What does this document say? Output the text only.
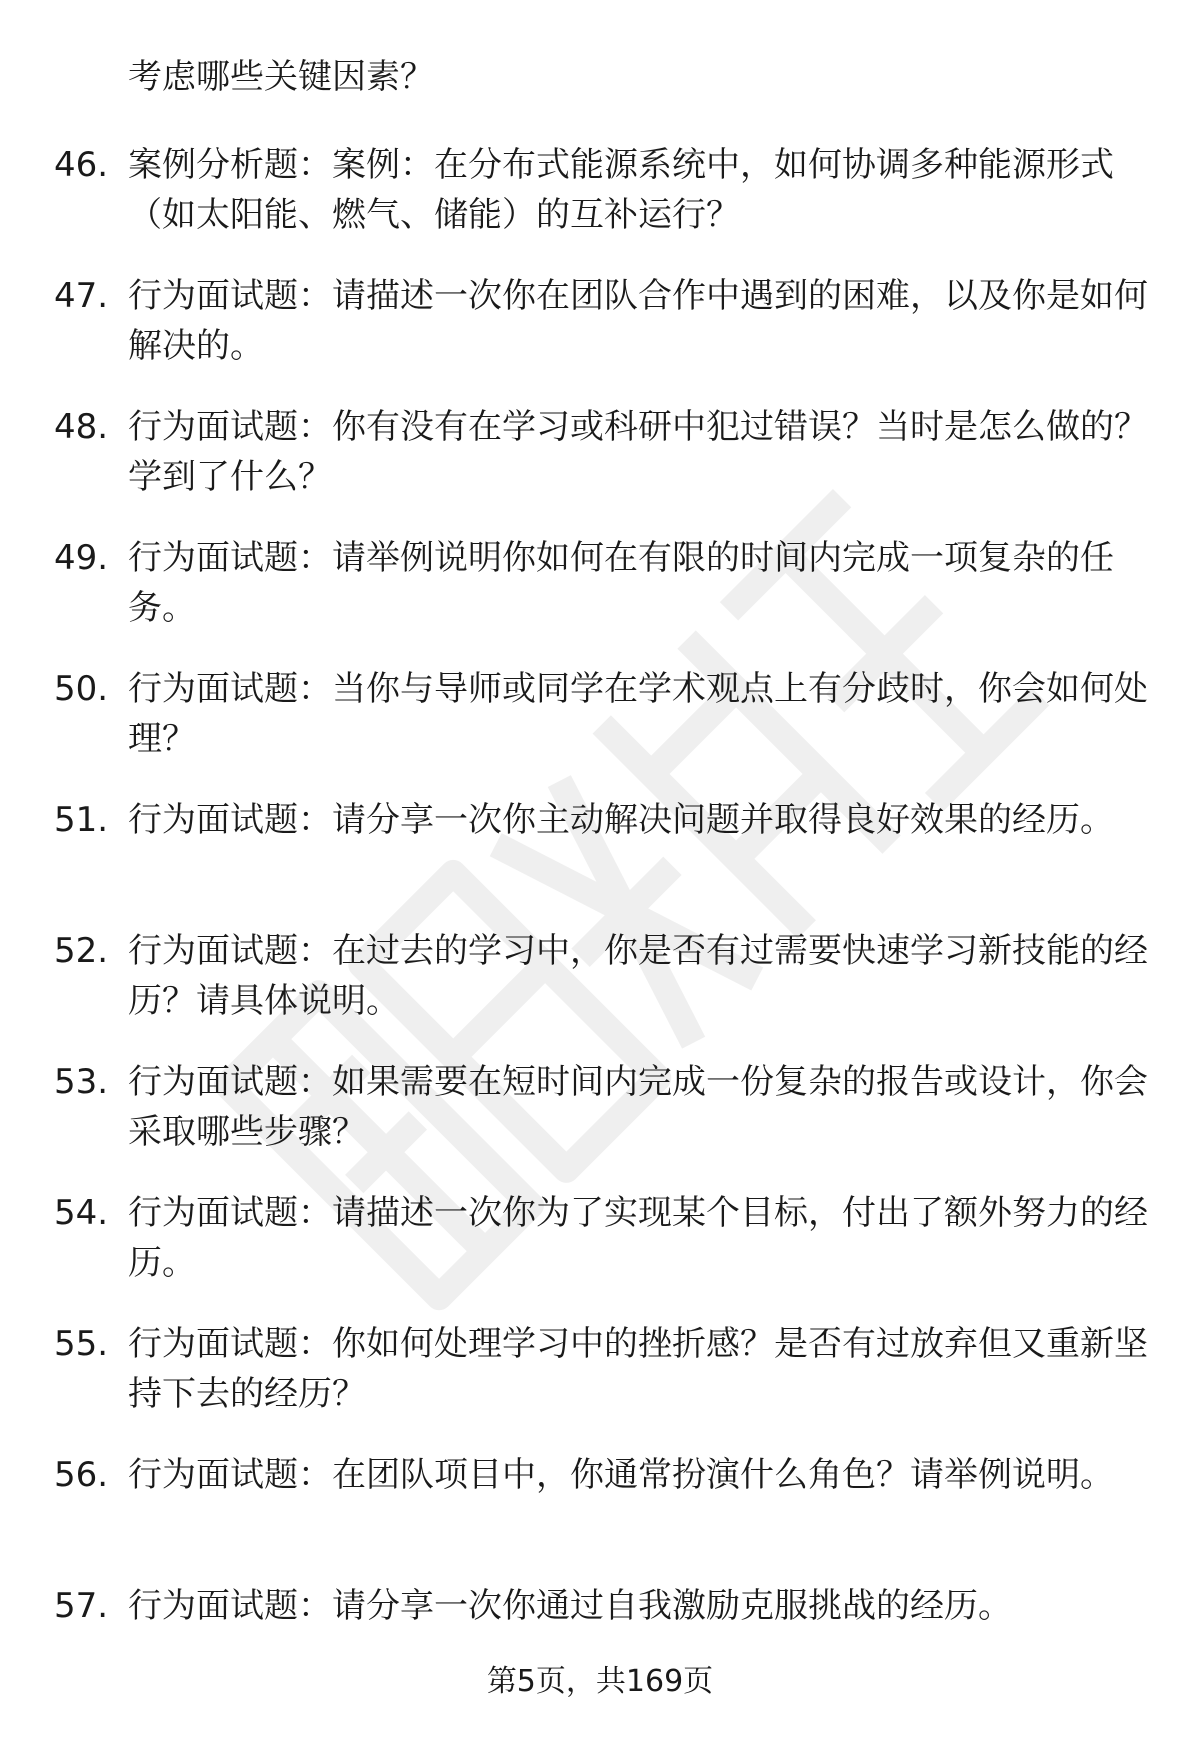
考虑哪些关键因素？

46. 案例分析题：案例：在分布式能源系统中，如何协调多种能源形式（如太阳能、燃气、储能）的互补运行？
47. 行为面试题：请描述一次你在团队合作中遇到的困难，以及你是如何解决的。
48. 行为面试题：你有没有在学习或科研中犯过错误？当时是怎么做的？学到了什么？
49. 行为面试题：请举例说明你如何在有限的时间内完成一项复杂的任务。
50. 行为面试题：当你与导师或同学在学术观点上有分歧时，你会如何处理？
51. 行为面试题：请分享一次你主动解决问题并取得良好效果的经历。
52. 行为面试题：在过去的学习中，你是否有过需要快速学习新技能的经历？请具体说明。
53. 行为面试题：如果需要在短时间内完成一份复杂的报告或设计，你会采取哪些步骤？
54. 行为面试题：请描述一次你为了实现某个目标，付出了额外努力的经历。
55. 行为面试题：你如何处理学习中的挫折感？是否有过放弃但又重新坚持下去的经历？
56. 行为面试题：在团队项目中，你通常扮演什么角色？请举例说明。
57. 行为面试题：请分享一次你通过自我激励克服挑战的经历。
第5页，共169页
